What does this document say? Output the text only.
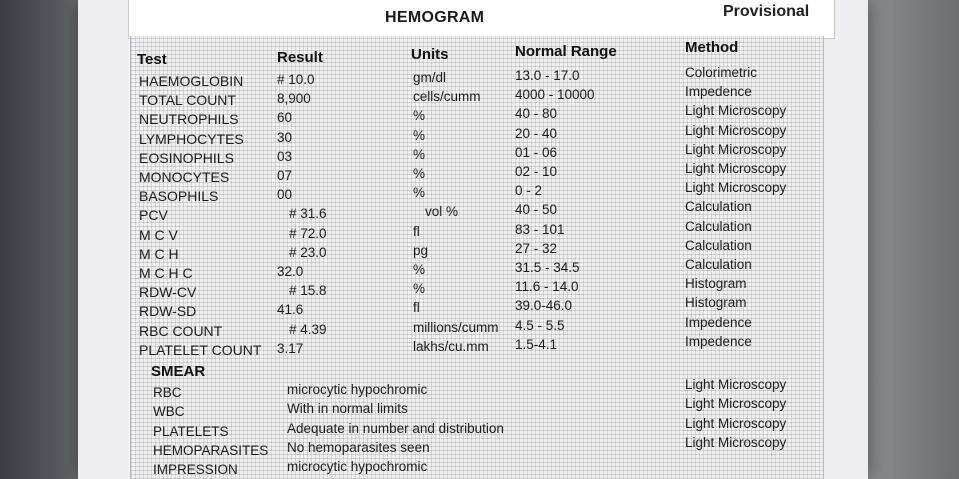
HEMOGRAM	Provisional
Test	Result	Units	Normal Range	Method
HAEMOGLOBIN	# 10.0	gm/dl	13.0 - 17.0	Colorimetric
TOTAL COUNT	8,900	cells/cumm	4000 - 10000	Impedence
NEUTROPHILS	60	%	40 - 80	Light Microscopy
LYMPHOCYTES 30	%	20 - 40	Light Microscopy
EOSINOPHILS	03	%	01 - 06	Light Microscopy
MONOCYTES	07	%	02 - 10	Light Microscopy
BASOPHILS	00	%	0 - 2	Light Microscopy
PCV	# 31.6	vol %	40 - 50	Calculation
M C V	# 72.0	fl	83 - 101	Calculation
M C H	# 23.0	pg	27 - 32	Calculation
M C H C	32.0	%	31.5 - 34.5	Calculation
RDW-CV	# 15.8	%	11.6 - 14.0	Histogram
RDW-SD	41.6	fl	39.0-46.0	Histogram
RBC COUNT	# 4.39	millions/cumm 4.5 - 5.5	Impedence
PLATELET COUNT 3.17	lakhs/cu.mm 1.5-4.1	Impedence
SMEAR
RBC	microcytic hypochromic	Light Microscopy
WBC	With in normal limits	Light Microscopy
PLATELETS	Adequate in number and distribution	Light Microscopy
HEMOPARASITES No hemoparasites seen	Light Microscopy
IMPRESSION	microcytic hypochromic
